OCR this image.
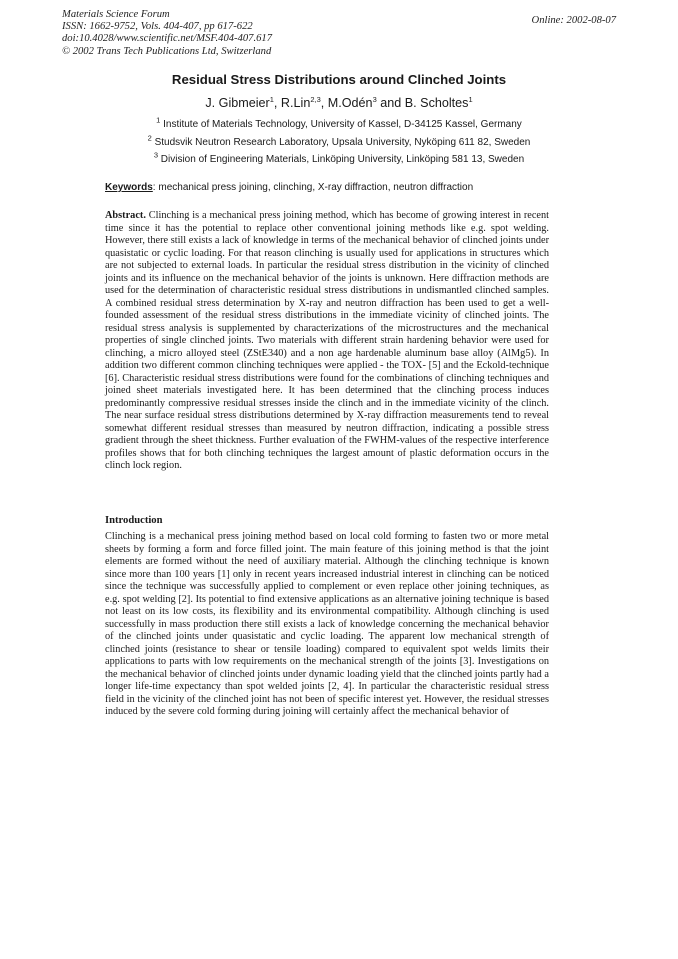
Materials Science Forum
ISSN: 1662-9752, Vols. 404-407, pp 617-622
doi:10.4028/www.scientific.net/MSF.404-407.617
© 2002 Trans Tech Publications Ltd, Switzerland
Online: 2002-08-07
Residual Stress Distributions around Clinched Joints
J. Gibmeier$^1$, R.Lin$^{2,3}$, M.Odén$^3$ and B. Scholtes$^1$
$^1$ Institute of Materials Technology, University of Kassel, D-34125 Kassel, Germany
$^2$ Studsvik Neutron Research Laboratory, Upsala University, Nyköping 611 82, Sweden
$^3$ Division of Engineering Materials, Linköping University, Linköping 581 13, Sweden
Keywords: mechanical press joining, clinching, X-ray diffraction, neutron diffraction

Abstract. Clinching is a mechanical press joining method, which has become of growing interest in recent time since it has the potential to replace other conventional joining methods like e.g. spot welding. However, there still exists a lack of knowledge in terms of the mechanical behavior of clinched joints under quasistatic or cyclic loading. For that reason clinching is usually used for applications in structures which are not subjected to external loads. In particular the residual stress distribution in the vicinity of clinched joints and its influence on the mechanical behavior of the joints is unknown. Here diffraction methods are used for the determination of characteristic residual stress distributions in undismantled clinched samples. A combined residual stress determination by X-ray and neutron diffraction has been used to get a well-founded assessment of the residual stress distributions in the immediate vicinity of clinched joints. The residual stress analysis is supplemented by characterizations of the microstructures and the mechanical properties of single clinched joints. Two materials with different strain hardening behavior were used for clinching, a micro alloyed steel (ZStE340) and a non age hardenable aluminum base alloy (AlMg5). In addition two different common clinching techniques were applied - the TOX- [5] and the Eckold-technique [6]. Characteristic residual stress distributions were found for the combinations of clinching techniques and joined sheet materials investigated here. It has been determined that the clinching process induces predominantly compressive residual stresses inside the clinch and in the immediate vicinity of the clinch. The near surface residual stress distributions determined by X-ray diffraction measurements tend to reveal somewhat different residual stresses than measured by neutron diffraction, indicating a possible stress gradient through the sheet thickness. Further evaluation of the FWHM-values of the respective interference profiles shows that for both clinching techniques the largest amount of plastic deformation occurs in the clinch lock region.

Introduction

Clinching is a mechanical press joining method based on local cold forming to fasten two or more metal sheets by forming a form and force filled joint. The main feature of this joining method is that the joint elements are formed without the need of auxiliary material. Although the clinching technique is known since more than 100 years [1] only in recent years increased industrial interest in clinching can be noticed since the technique was successfully applied to complement or even replace other joining techniques, as e.g. spot welding [2]. Its potential to find extensive applications as an alternative joining technique is based not least on its low costs, its flexibility and its environmental compatibility. Although clinching is used successfully in mass production there still exists a lack of knowledge concerning the mechanical behavior of the clinched joints under quasistatic and cyclic loading. The apparent low mechanical strength of clinched joints (resistance to shear or tensile loading) compared to equivalent spot welds limits their applications to parts with low requirements on the mechanical strength of the joints [3]. Investigations on the mechanical behavior of clinched joints under dynamic loading yield that the clinched joints partly had a longer life-time expectancy than spot welded joints [2, 4]. In particular the characteristic residual stress field in the vicinity of the clinched joint has not been of specific interest yet. However, the residual stresses induced by the severe cold forming during joining will certainly affect the mechanical behavior of
